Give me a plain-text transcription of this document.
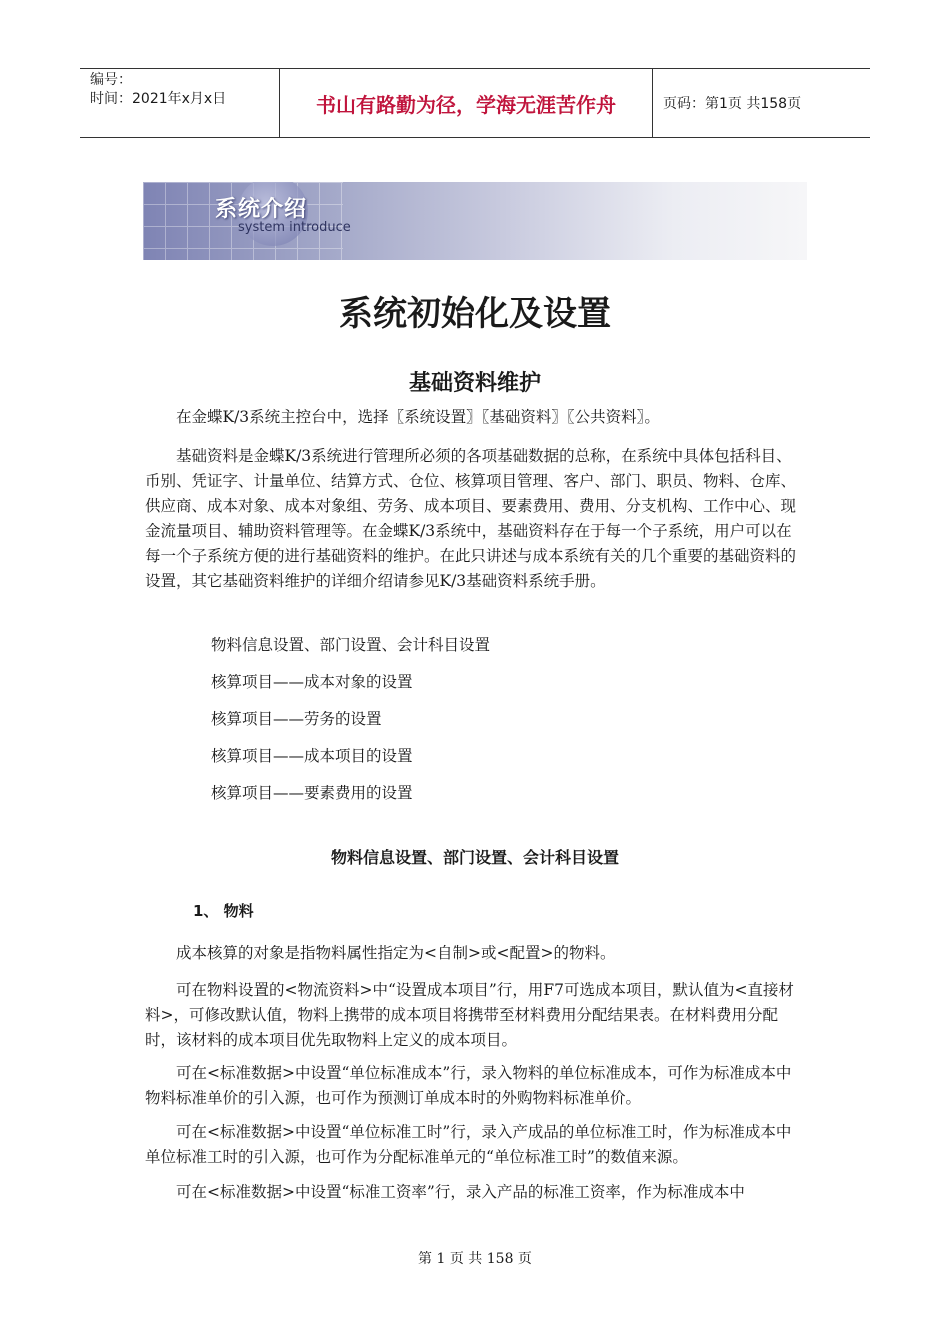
编号：
时间：2021年x月x日	书山有路勤为径，学海无涯苦作舟	页码：第1页 共158页
系统介绍
system introduce
系统初始化及设置
基础资料维护

在金蝶K/3系统主控台中，选择〖系统设置〗〖基础资料〗〖公共资料〗。

基础资料是金蝶K/3系统进行管理所必须的各项基础数据的总称，在系统中具体包括科目、币别、凭证字、计量单位、结算方式、仓位、核算项目管理、客户、部门、职员、物料、仓库、供应商、成本对象、成本对象组、劳务、成本项目、要素费用、费用、分支机构、工作中心、现金流量项目、辅助资料管理等。在金蝶K/3系统中，基础资料存在于每一个子系统，用户可以在每一个子系统方便的进行基础资料的维护。在此只讲述与成本系统有关的几个重要的基础资料的设置，其它基础资料维护的详细介绍请参见K/3基础资料系统手册。

物料信息设置、部门设置、会计科目设置

核算项目——成本对象的设置

核算项目——劳务的设置

核算项目——成本项目的设置

核算项目——要素费用的设置

物料信息设置、部门设置、会计科目设置
1、 物料

成本核算的对象是指物料属性指定为<自制>或<配置>的物料。

可在物料设置的<物流资料>中“设置成本项目”行，用F7可选成本项目，默认值为<直接材料>，可修改默认值，物料上携带的成本项目将携带至材料费用分配结果表。在材料费用分配时，该材料的成本项目优先取物料上定义的成本项目。

可在<标准数据>中设置“单位标准成本”行，录入物料的单位标准成本，可作为标准成本中物料标准单价的引入源，也可作为预测订单成本时的外购物料标准单价。

可在<标准数据>中设置“单位标准工时”行，录入产成品的单位标准工时，作为标准成本中单位标准工时的引入源，也可作为分配标准单元的“单位标准工时”的数值来源。

可在<标准数据>中设置“标准工资率”行，录入产品的标准工资率，作为标准成本中

第 1 页 共 158 页
